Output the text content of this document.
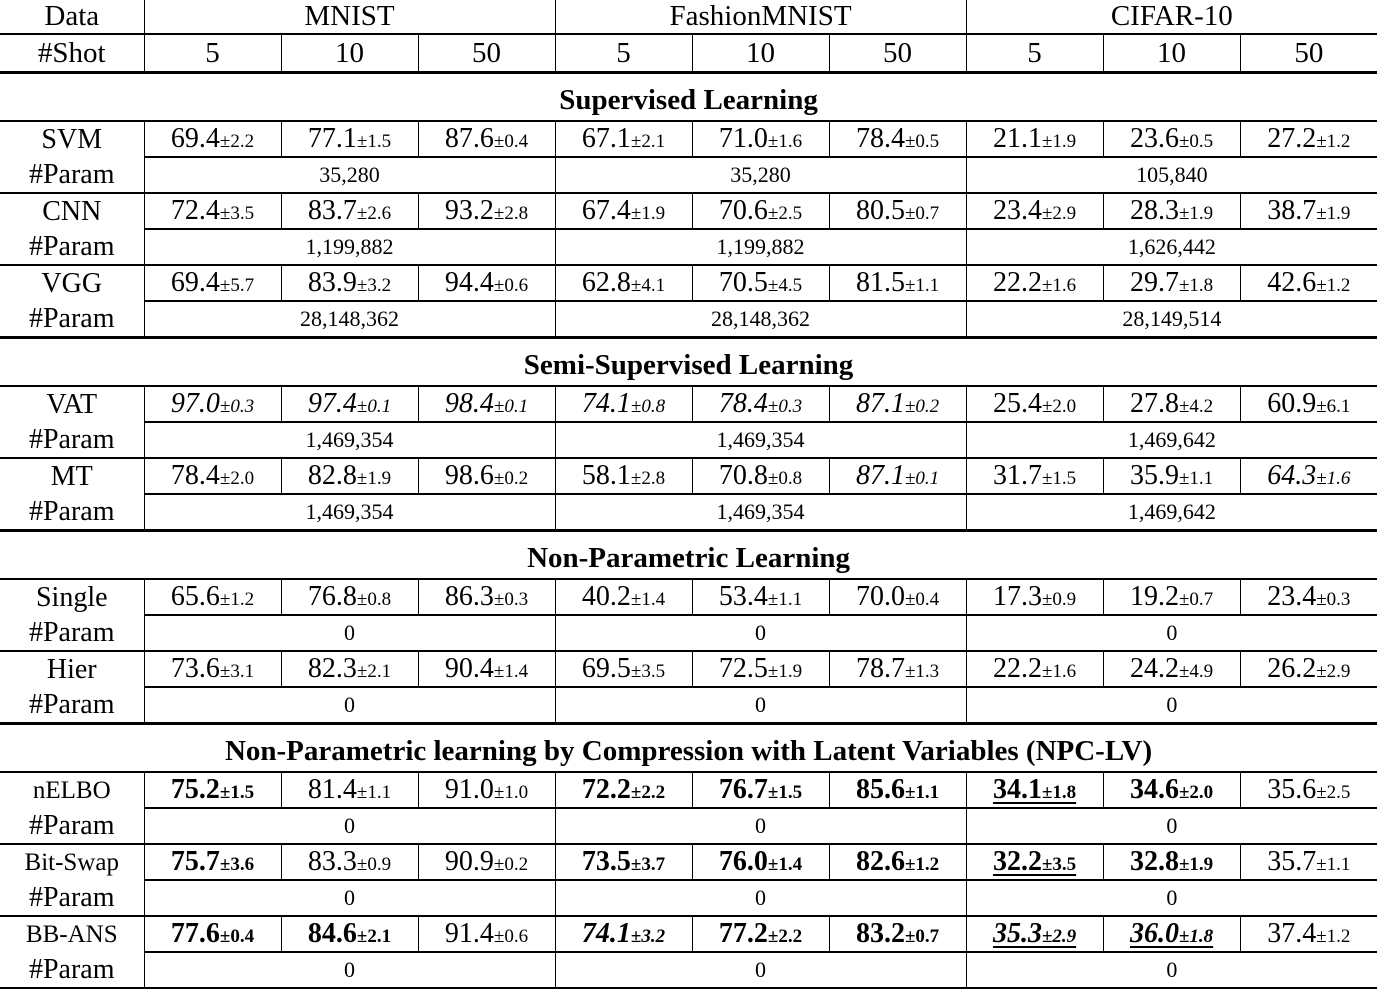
Data	MNIST			FashionMNIST			CIFAR-10		
#Shot	5	10	50	5	10	50	5	10	50
Supervised Learning									
SVM	69.4±2.2	77.1±1.5	87.6±0.4	67.1±2.1	71.0±1.6	78.4±0.5	21.1±1.9	23.6±0.5	27.2±1.2
#Param	35,280			35,280			105,840		
CNN	72.4±3.5	83.7±2.6	93.2±2.8	67.4±1.9	70.6±2.5	80.5±0.7	23.4±2.9	28.3±1.9	38.7±1.9
#Param	1,199,882			1,199,882			1,626,442		
VGG	69.4±5.7	83.9±3.2	94.4±0.6	62.8±4.1	70.5±4.5	81.5±1.1	22.2±1.6	29.7±1.8	42.6±1.2
#Param	28,148,362			28,148,362			28,149,514		
Semi-Supervised Learning									
VAT	97.0±0.3	97.4±0.1	98.4±0.1	74.1±0.8	78.4±0.3	87.1±0.2	25.4±2.0	27.8±4.2	60.9±6.1
#Param	1,469,354			1,469,354			1,469,642		
MT	78.4±2.0	82.8±1.9	98.6±0.2	58.1±2.8	70.8±0.8	87.1±0.1	31.7±1.5	35.9±1.1	64.3±1.6
#Param	1,469,354			1,469,354			1,469,642		
Non-Parametric Learning									
Single	65.6±1.2	76.8±0.8	86.3±0.3	40.2±1.4	53.4±1.1	70.0±0.4	17.3±0.9	19.2±0.7	23.4±0.3
#Param	0			0			0		
Hier	73.6±3.1	82.3±2.1	90.4±1.4	69.5±3.5	72.5±1.9	78.7±1.3	22.2±1.6	24.2±4.9	26.2±2.9
#Param	0			0			0		
Non-Parametric learning by Compression with Latent Variables (NPC-LV)									
nELBO	75.2±1.5	81.4±1.1	91.0±1.0	72.2±2.2	76.7±1.5	85.6±1.1	34.1±1.8	34.6±2.0	35.6±2.5
#Param	0			0			0		
Bit-Swap	75.7±3.6	83.3±0.9	90.9±0.2	73.5±3.7	76.0±1.4	82.6±1.2	32.2±3.5	32.8±1.9	35.7±1.1
#Param	0			0			0		
BB-ANS	77.6±0.4	84.6±2.1	91.4±0.6	74.1±3.2	77.2±2.2	83.2±0.7	35.3±2.9	36.0±1.8	37.4±1.2
#Param	0			0			0		
